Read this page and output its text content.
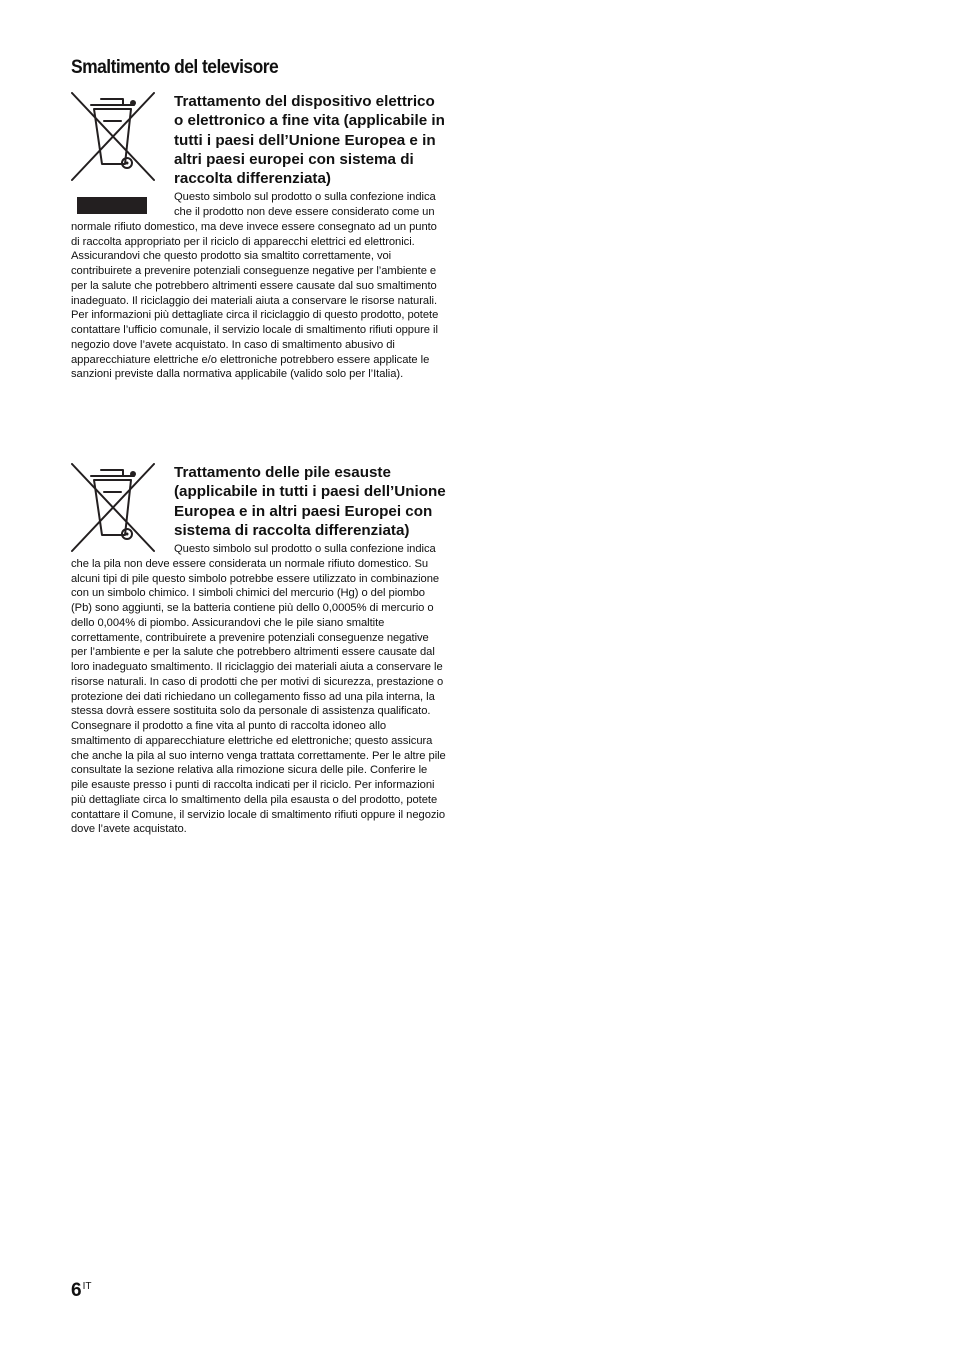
Smaltimento del televisore
Trattamento del dispositivo elettrico o elettronico a fine vita (applicabile in tutti i paesi dell’Unione Europea e in altri paesi europei con sistema di raccolta differenziata)

Questo simbolo sul prodotto o sulla confezione indica che il prodotto non deve essere considerato come un normale rifiuto domestico, ma deve invece essere consegnato ad un punto di raccolta appropriato per il riciclo di apparecchi elettrici ed elettronici. Assicurandovi che questo prodotto sia smaltito correttamente, voi contribuirete a prevenire potenziali conseguenze negative per l’ambiente e per la salute che potrebbero altrimenti essere causate dal suo smaltimento inadeguato. Il riciclaggio dei materiali aiuta a conservare le risorse naturali. Per informazioni più dettagliate circa il riciclaggio di questo prodotto, potete contattare l’ufficio comunale, il servizio locale di smaltimento rifiuti oppure il negozio dove l’avete acquistato. In caso di smaltimento abusivo di apparecchiature elettriche e/o elettroniche potrebbero essere applicate le sanzioni previste dalla normativa applicabile (valido solo per l’Italia).

Trattamento delle pile esauste (applicabile in tutti i paesi dell’Unione Europea e in altri paesi Europei con sistema di raccolta differenziata)

Questo simbolo sul prodotto o sulla confezione indica che la pila non deve essere considerata un normale rifiuto domestico. Su alcuni tipi di pile questo simbolo potrebbe essere utilizzato in combinazione con un simbolo chimico. I simboli chimici del mercurio (Hg) o del piombo (Pb) sono aggiunti, se la batteria contiene più dello 0,0005% di mercurio o dello 0,004% di piombo. Assicurandovi che le pile siano smaltite correttamente, contribuirete a prevenire potenziali conseguenze negative per l’ambiente e per la salute che potrebbero altrimenti essere causate dal loro inadeguato smaltimento. Il riciclaggio dei materiali aiuta a conservare le risorse naturali. In caso di prodotti che per motivi di sicurezza, prestazione o protezione dei dati richiedano un collegamento fisso ad una pila interna, la stessa dovrà essere sostituita solo da personale di assistenza qualificato. Consegnare il prodotto a fine vita al punto di raccolta idoneo allo smaltimento di apparecchiature elettriche ed elettroniche; questo assicura che anche la pila al suo interno venga trattata correttamente. Per le altre pile consultate la sezione relativa alla rimozione sicura delle pile. Conferire le pile esauste presso i punti di raccolta indicati per il riciclo. Per informazioni più dettagliate circa lo smaltimento della pila esausta o del prodotto, potete contattare il Comune, il servizio locale di smaltimento rifiuti oppure il negozio dove l’avete acquistato.

$6^{IT}$
